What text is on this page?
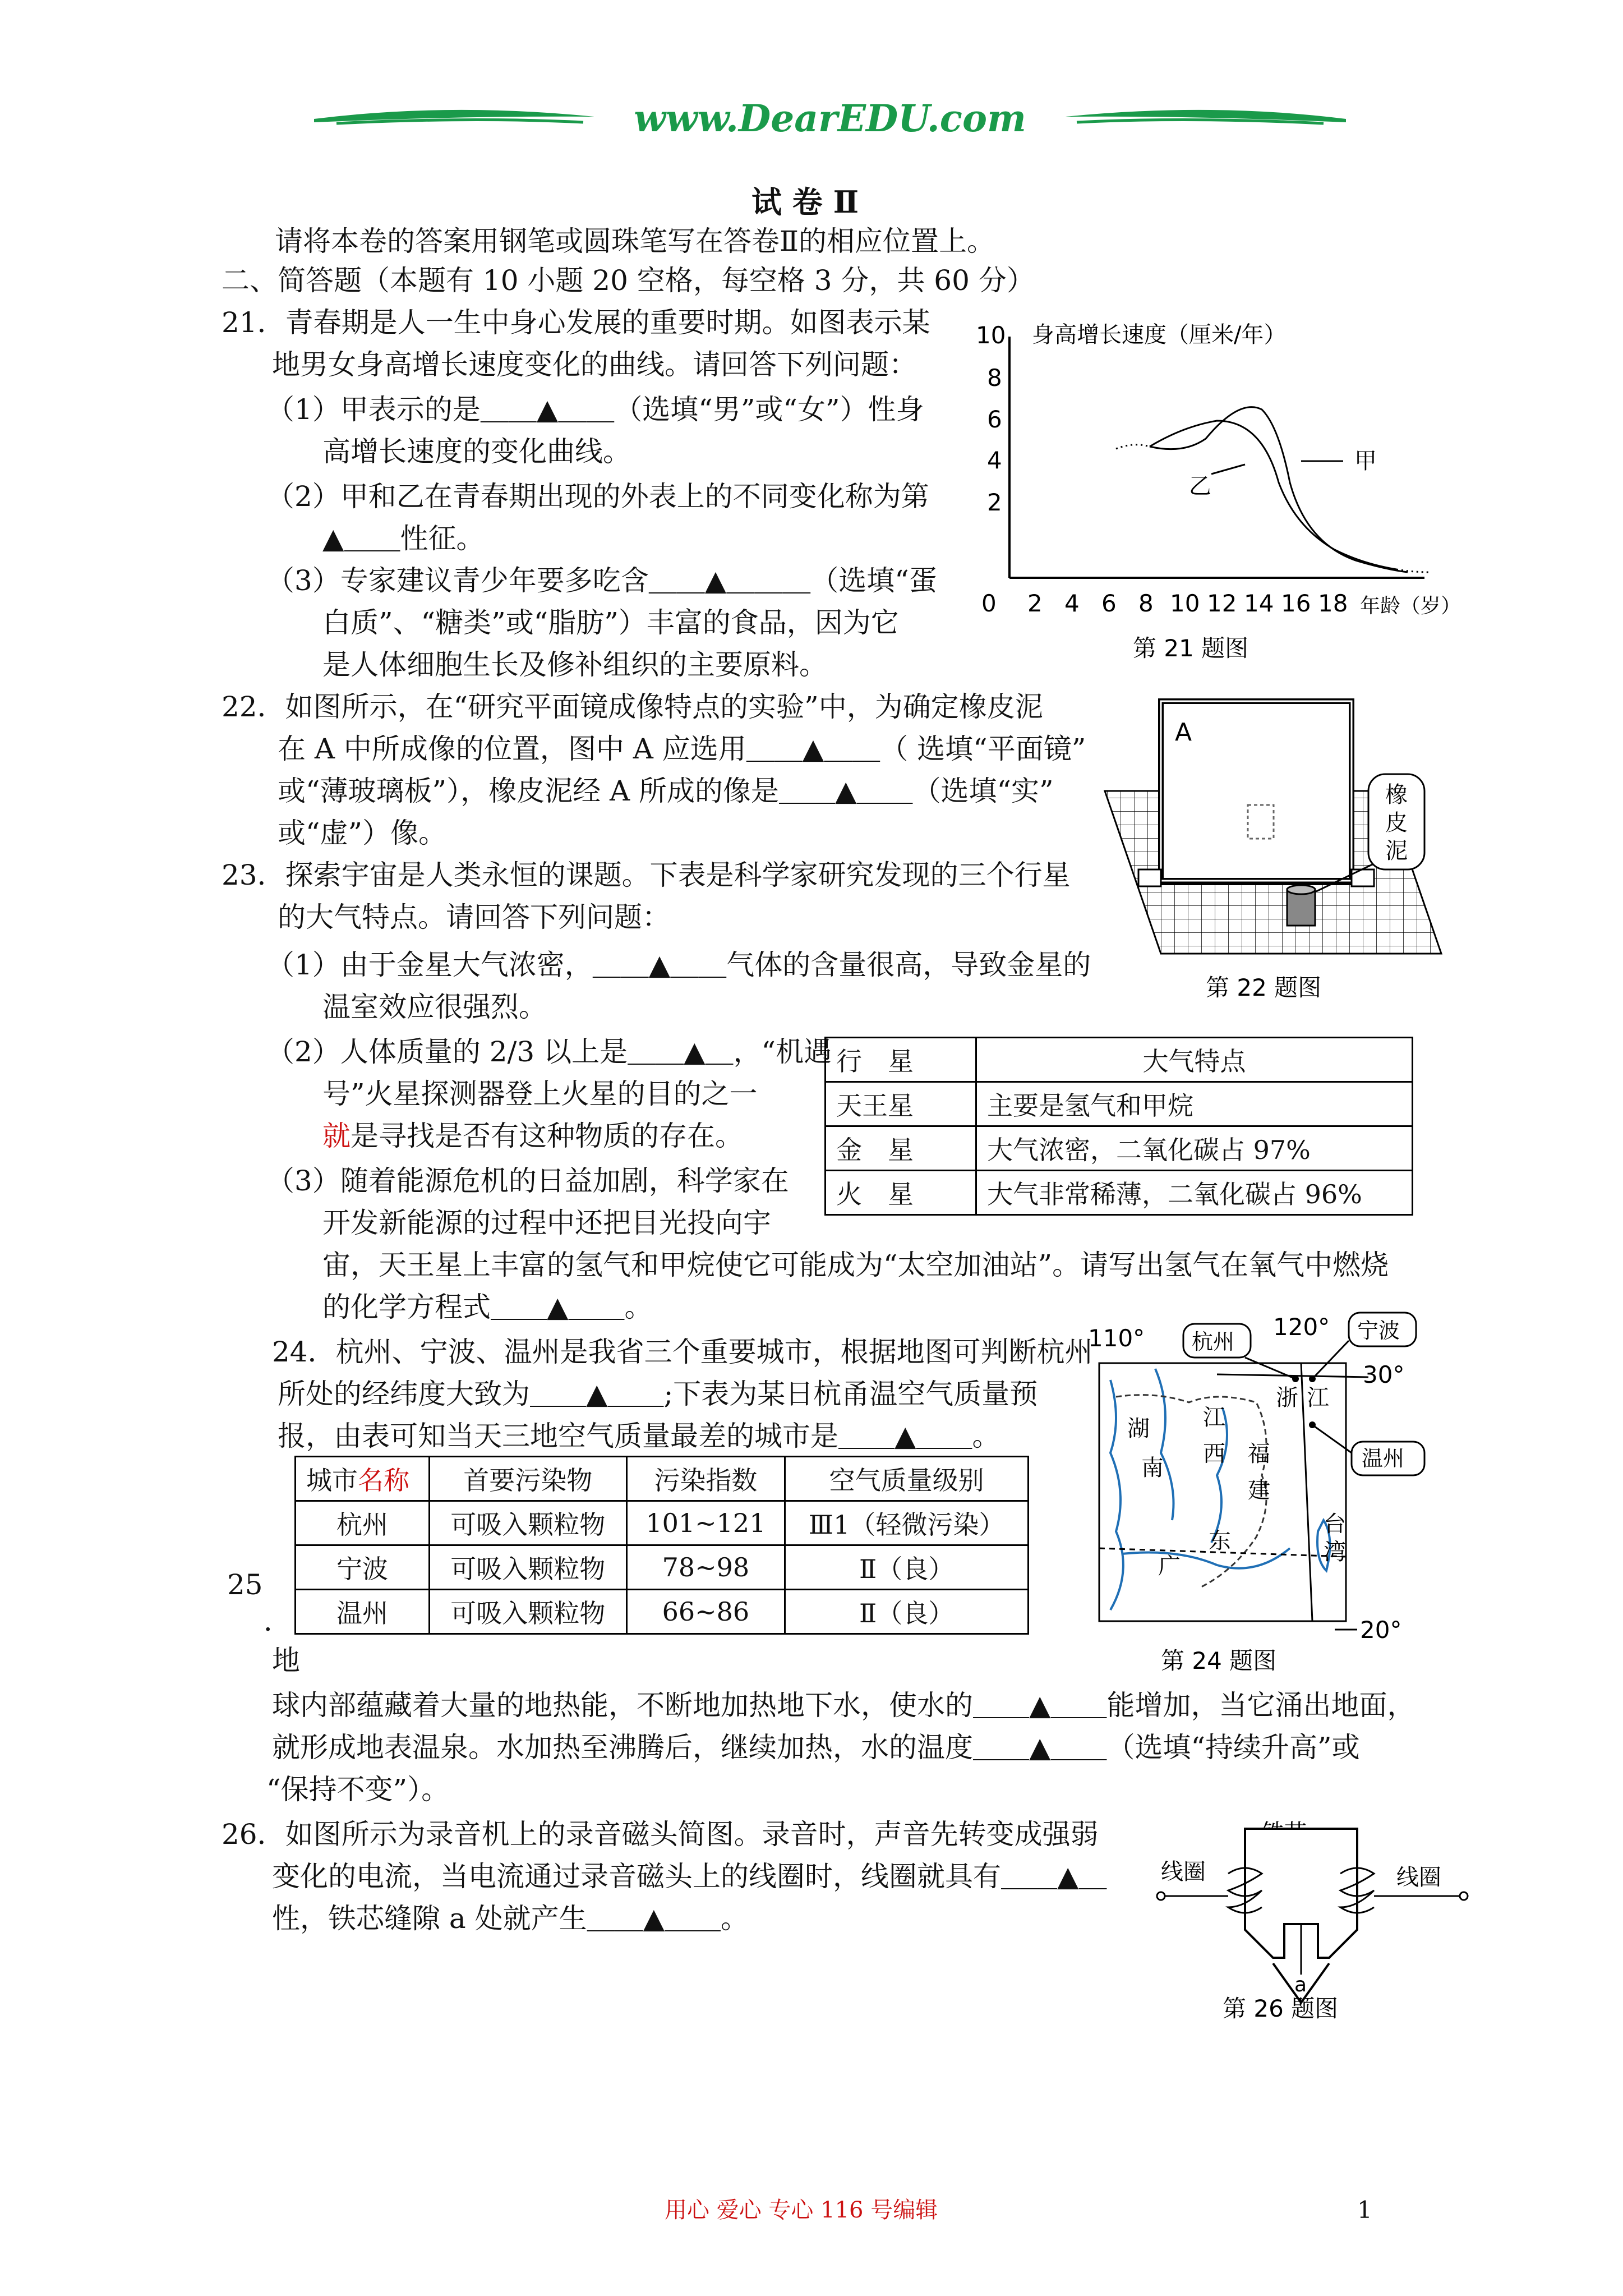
www.DearEDU.com
试 卷 Ⅱ
请将本卷的答案用钢笔或圆珠笔写在答卷Ⅱ的相应位置上。
二、简答题（本题有 10 小题 20 空格，每空格 3 分，共 60 分）
21．青春期是人一生中身心发展的重要时期。如图表示某
地男女身高增长速度变化的曲线。请回答下列问题：
（1）甲表示的是＿＿▲＿＿（选填“男”或“女”）性身
高增长速度的变化曲线。
（2）甲和乙在青春期出现的外表上的不同变化称为第
▲＿＿性征。
（3）专家建议青少年要多吃含＿＿▲＿＿＿（选填“蛋
白质”、“糖类”或“脂肪”）丰富的食品，因为它
是人体细胞生长及修补组织的主要原料。
身高增长速度（厘米/年）
10
8
6
4
2
0 2 4 6 8 10 12 14 16 18 年龄（岁）
甲
乙
第 21 题图
22．如图所示，在“研究平面镜成像特点的实验”中，为确定橡皮泥
在 A 中所成像的位置，图中 A 应选用＿＿▲＿＿（ 选填“平面镜”
或“薄玻璃板”），橡皮泥经 A 所成的像是＿＿▲＿＿（选填“实”
或“虚”）像。
A
橡
皮
泥
第 22 题图
23．探索宇宙是人类永恒的课题。下表是科学家研究发现的三个行星
的大气特点。请回答下列问题：
（1）由于金星大气浓密，＿＿▲＿＿气体的含量很高，导致金星的
温室效应很强烈。
（2）人体质量的 2/3 以上是＿＿▲＿，“机遇
号”火星探测器登上火星的目的之一
就是寻找是否有这种物质的存在。
（3）随着能源危机的日益加剧，科学家在
开发新能源的过程中还把目光投向宇
宙，天王星上丰富的氢气和甲烷使它可能成为“太空加油站”。请写出氢气在氧气中燃烧
的化学方程式＿＿▲＿＿。
行　星	大气特点
天王星	主要是氢气和甲烷
金　星	大气浓密，二氧化碳占 97%
火　星	大气非常稀薄，二氧化碳占 96%
24．杭州、宁波、温州是我省三个重要城市，根据地图可判断杭州
所处的经纬度大致为＿＿▲＿＿;下表为某日杭甬温空气质量预
报，由表可知当天三地空气质量最差的城市是＿＿▲＿＿。
城市名称	首要污染物	污染指数	空气质量级别
杭州	可吸入颗粒物	101~121	Ⅲ1（轻微污染）
宁波	可吸入颗粒物	78~98	Ⅱ（良）
温州	可吸入颗粒物	66~86	Ⅱ（良）
110°	120°
30°
20°
杭州	宁波
温州
湖
南
江
西 福
建
浙 江
台
湾
东
广
第 24 题图
25
．
地
球内部蕴藏着大量的地热能，不断地加热地下水，使水的＿＿▲＿＿能增加，当它涌出地面，
就形成地表温泉。水加热至沸腾后，继续加热，水的温度＿＿▲＿＿（选填“持续升高”或
“保持不变”）。
26．如图所示为录音机上的录音磁头简图。录音时，声音先转变成强弱
变化的电流，当电流通过录音磁头上的线圈时，线圈就具有＿＿▲＿
性，铁芯缝隙 a 处就产生＿＿▲＿＿。
线圈	线圈
a
第 26 题图
用心 爱心 专心 116 号编辑	1
